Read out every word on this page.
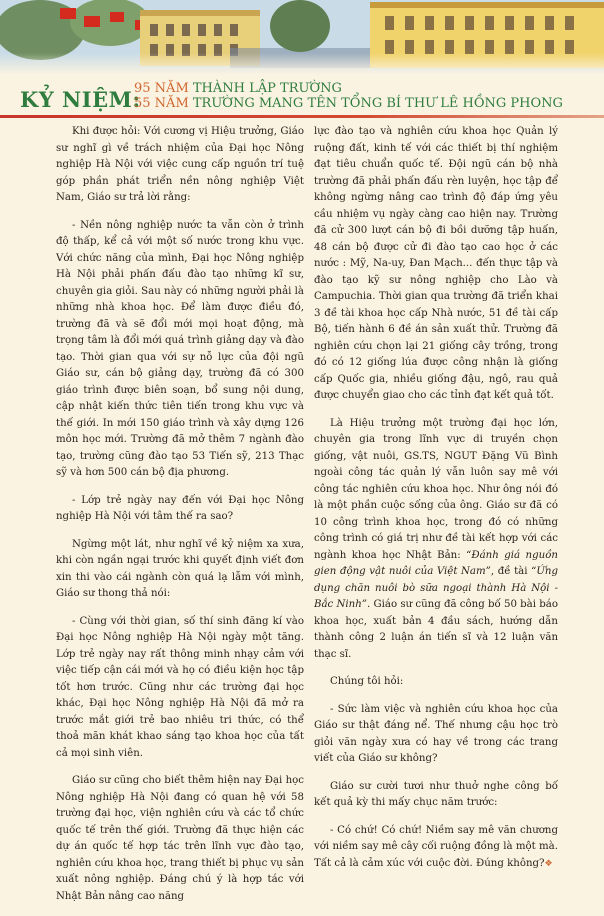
KỶ NIỆM:
95 NĂM THÀNH LẬP TRƯỜNG
55 NĂM TRƯỜNG MANG TÊN TỔNG BÍ THƯ LÊ HỒNG PHONG

Khi được hỏi: Với cương vị Hiệu trưởng, Giáo sư nghĩ gì về trách nhiệm của Đại học Nông nghiệp Hà Nội với việc cung cấp nguồn trí tuệ góp phần phát triển nền nông nghiệp Việt Nam, Giáo sư trả lời rằng:

- Nền nông nghiệp nước ta vẫn còn ở trình độ thấp, kể cả với một số nước trong khu vực. Với chức năng của mình, Đại học Nông nghiệp Hà Nội phải phấn đấu đào tạo những kĩ sư, chuyên gia giỏi. Sau này có những người phải là những nhà khoa học. Để làm được điều đó, trường đã và sẽ đổi mới mọi hoạt động, mà trọng tâm là đổi mới quá trình giảng dạy và đào tạo. Thời gian qua với sự nỗ lực của đội ngũ Giáo sư, cán bộ giảng dạy, trường đã có 300 giáo trình được biên soạn, bổ sung nội dung, cập nhật kiến thức tiên tiến trong khu vực và thế giới. In mới 150 giáo trình và xây dựng 126 môn học mới. Trường đã mở thêm 7 ngành đào tạo, trường cũng đào tạo 53 Tiến sỹ, 213 Thạc sỹ và hơn 500 cán bộ địa phương.

- Lớp trẻ ngày nay đến với Đại học Nông nghiệp Hà Nội với tâm thế ra sao?

Ngừng một lát, như nghĩ về kỷ niệm xa xưa, khi còn ngần ngại trước khi quyết định viết đơn xin thi vào cái ngành còn quá lạ lẫm với mình, Giáo sư thong thả nói:

- Cùng với thời gian, số thí sinh đăng kí vào Đại học Nông nghiệp Hà Nội ngày một tăng. Lớp trẻ ngày nay rất thông minh nhạy cảm với việc tiếp cận cái mới và họ có điều kiện học tập tốt hơn trước. Cũng như các trường đại học khác, Đại học Nông nghiệp Hà Nội đã mở ra trước mắt giới trẻ bao nhiêu tri thức, có thể thoả mãn khát khao sáng tạo khoa học của tất cả mọi sinh viên.

Giáo sư cũng cho biết thêm hiện nay Đại học Nông nghiệp Hà Nội đang có quan hệ với 58 trường đại học, viện nghiên cứu và các tổ chức quốc tế trên thế giới. Trường đã thực hiện các dự án quốc tế hợp tác trên lĩnh vực đào tạo, nghiên cứu khoa học, trang thiết bị phục vụ sản xuất nông nghiệp. Đáng chú ý là hợp tác với Nhật Bản nâng cao năng

lực đào tạo và nghiên cứu khoa học Quản lý ruộng đất, kinh tế với các thiết bị thí nghiệm đạt tiêu chuẩn quốc tế. Đội ngũ cán bộ nhà trường đã phải phấn đấu rèn luyện, học tập để không ngừng nâng cao trình độ đáp ứng yêu cầu nhiệm vụ ngày càng cao hiện nay. Trường đã cử 300 lượt cán bộ đi bồi dưỡng tập huấn, 48 cán bộ được cử đi đào tạo cao học ở các nước : Mỹ, Na-uy, Đan Mạch... đến thực tập và đào tạo kỹ sư nông nghiệp cho Lào và Campuchia. Thời gian qua trường đã triển khai 3 đề tài khoa học cấp Nhà nước, 51 đề tài cấp Bộ, tiến hành 6 đề án sản xuất thử. Trường đã nghiên cứu chọn lại 21 giống cây trồng, trong đó có 12 giống lúa được công nhận là giống cấp Quốc gia, nhiều giống đậu, ngô, rau quả được chuyển giao cho các tỉnh đạt kết quả tốt.

Là Hiệu trưởng một trường đại học lớn, chuyên gia trong lĩnh vực di truyền chọn giống, vật nuôi, GS.TS, NGUT Đặng Vũ Bình ngoài công tác quản lý vẫn luôn say mê với công tác nghiên cứu khoa học. Như ông nói đó là một phần cuộc sống của ông. Giáo sư đã có 10 công trình khoa học, trong đó có những công trình có giá trị như đề tài kết hợp với các ngành khoa học Nhật Bản: “Đánh giá nguồn gien động vật nuôi của Việt Nam”, đề tài “Ứng dụng chăn nuôi bò sữa ngoại thành Hà Nội - Bắc Ninh”. Giáo sư cũng đã công bố 50 bài báo khoa học, xuất bản 4 đầu sách, hướng dẫn thành công 2 luận án tiến sĩ và 12 luận văn thạc sĩ.

Chúng tôi hỏi:

- Sức làm việc và nghiên cứu khoa học của Giáo sư thật đáng nể. Thế nhưng cậu học trò giỏi văn ngày xưa có hay về trong các trang viết của Giáo sư không?

Giáo sư cười tươi như thuở nghe công bố kết quả kỳ thi mấy chục năm trước:

- Có chứ! Có chứ! Niềm say mê văn chương với niềm say mê cây cối ruộng đồng là một mà. Tất cả là cảm xúc với cuộc đời. Đúng không?❖
